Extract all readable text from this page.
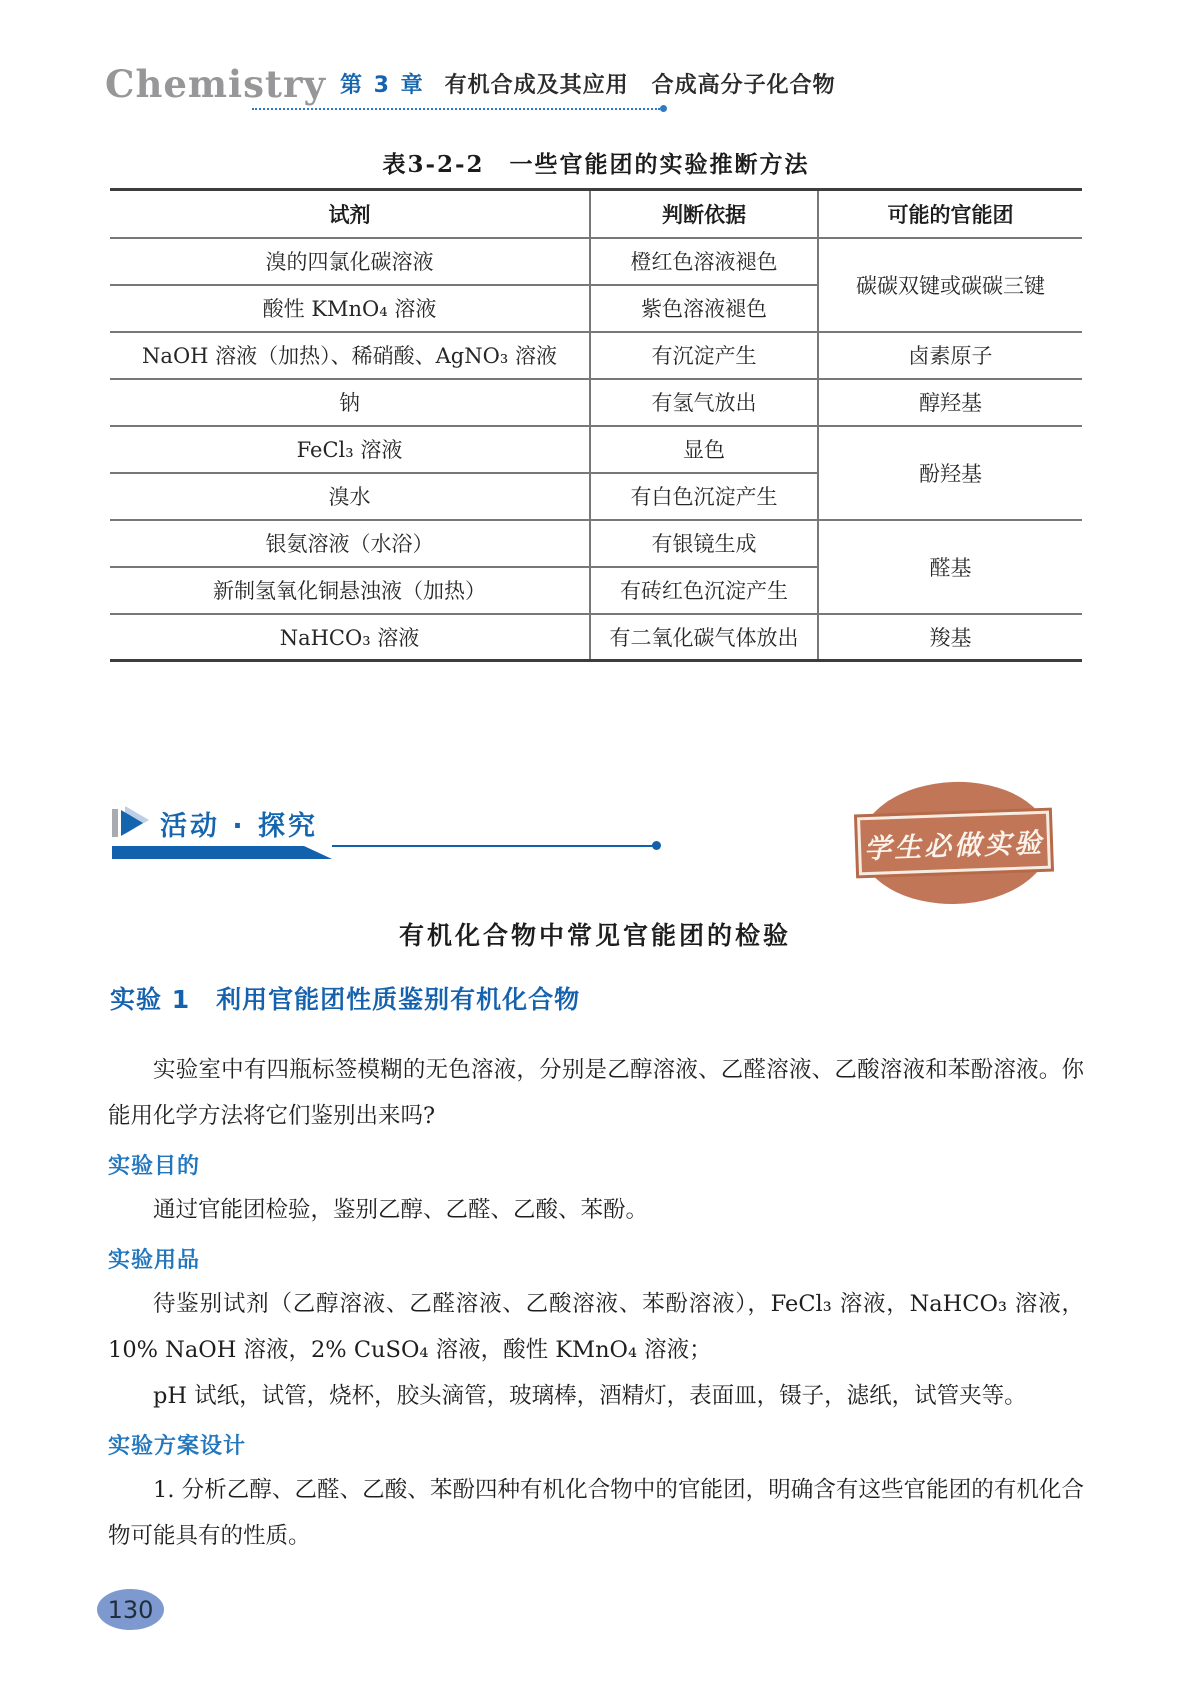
Chemistry 第 3 章 有机合成及其应用　合成高分子化合物
表3-2-2　一些官能团的实验推断方法
试剂	判断依据	可能的官能团
溴的四氯化碳溶液	橙红色溶液褪色	碳碳双键或碳碳三键
酸性 KMnO₄ 溶液	紫色溶液褪色	
NaOH 溶液（加热）、稀硝酸、AgNO₃ 溶液	有沉淀产生	卤素原子
钠	有氢气放出	醇羟基
FeCl₃ 溶液	显色	酚羟基
溴水	有白色沉淀产生	
银氨溶液（水浴）	有银镜生成	醛基
新制氢氧化铜悬浊液（加热）	有砖红色沉淀产生	
NaHCO₃ 溶液	有二氧化碳气体放出	羧基
活动 · 探究
学生必做实验
有机化合物中常见官能团的检验
实验 1　利用官能团性质鉴别有机化合物

实验室中有四瓶标签模糊的无色溶液，分别是乙醇溶液、乙醛溶液、乙酸溶液和苯酚溶液。你能用化学方法将它们鉴别出来吗?

实验目的

通过官能团检验，鉴别乙醇、乙醛、乙酸、苯酚。

实验用品

待鉴别试剂（乙醇溶液、乙醛溶液、乙酸溶液、苯酚溶液），FeCl₃ 溶液，NaHCO₃ 溶液，10% NaOH 溶液，2% CuSO₄ 溶液，酸性 KMnO₄ 溶液；

pH 试纸，试管，烧杯，胶头滴管，玻璃棒，酒精灯，表面皿，镊子，滤纸，试管夹等。

实验方案设计

1. 分析乙醇、乙醛、乙酸、苯酚四种有机化合物中的官能团，明确含有这些官能团的有机化合物可能具有的性质。

130
